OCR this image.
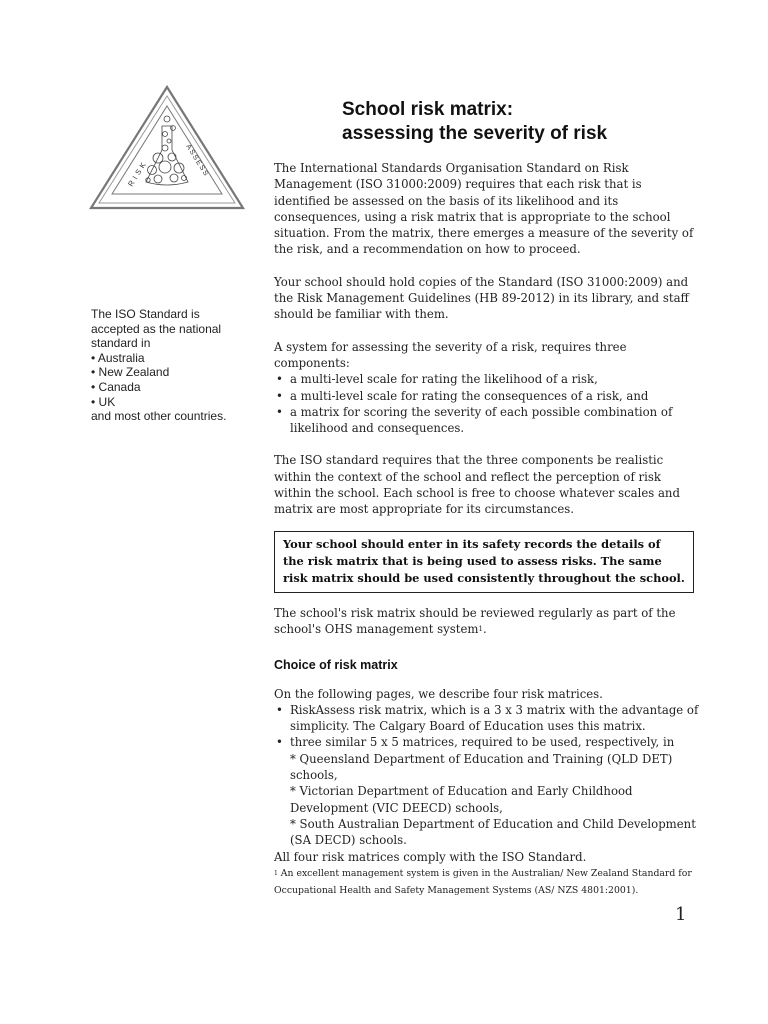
RISK	ASSESS
School risk matrix:
assessing the severity of risk
The ISO Standard is
accepted as the national
standard in
• Australia
• New Zealand
• Canada
• UK
and most other countries.

The International Standards Organisation Standard on Risk Management (ISO 31000:2009) requires that each risk that is identified be assessed on the basis of its likelihood and its consequences, using a risk matrix that is appropriate to the school situation. From the matrix, there emerges a measure of the severity of the risk, and a recommendation on how to proceed.

Your school should hold copies of the Standard (ISO 31000:2009) and the Risk Management Guidelines (HB 89-2012) in its library, and staff should be familiar with them.

A system for assessing the severity of a risk, requires three components:

• a multi-level scale for rating the likelihood of a risk,
• a multi-level scale for rating the consequences of a risk, and
• a matrix for scoring the severity of each possible combination of likelihood and consequences.

The ISO standard requires that the three components be realistic within the context of the school and reflect the perception of risk within the school. Each school is free to choose whatever scales and matrix are most appropriate for its circumstances.

Your school should enter in its safety records the details of the risk matrix that is being used to assess risks. The same risk matrix should be used consistently throughout the school.

The school's risk matrix should be reviewed regularly as part of the school's OHS management system$^1$.

Choice of risk matrix

On the following pages, we describe four risk matrices.

• RiskAssess risk matrix, which is a 3 x 3 matrix with the advantage of simplicity. The Calgary Board of Education uses this matrix.
• three similar 5 x 5 matrices, required to be used, respectively, in
* Queensland Department of Education and Training (QLD DET) schools,
* Victorian Department of Education and Early Childhood Development (VIC DEECD) schools,
* South Australian Department of Education and Child Development (SA DECD) schools.

All four risk matrices comply with the ISO Standard.

$^1$ An excellent management system is given in the Australian/ New Zealand Standard for Occupational Health and Safety Management Systems (AS/ NZS 4801:2001).

1
